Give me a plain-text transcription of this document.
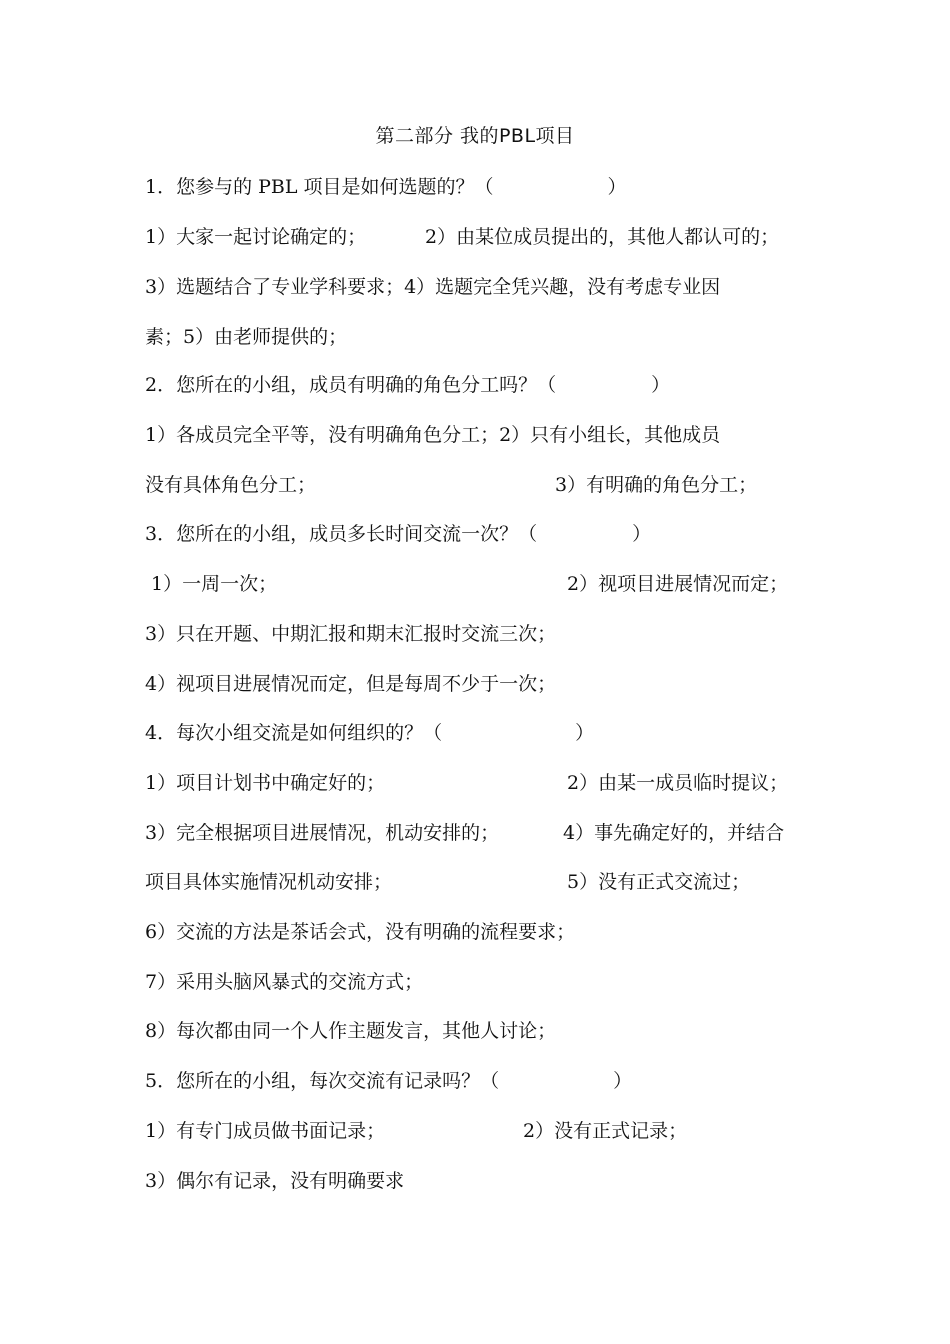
第二部分 我的PBL项目
1．您参与的 PBL 项目是如何选题的？（　　　　　　）
1）大家一起讨论确定的；	2）由某位成员提出的，其他人都认可的；
3）选题结合了专业学科要求；4）选题完全凭兴趣，没有考虑专业因
素；5）由老师提供的；
2．您所在的小组，成员有明确的角色分工吗？（　　　　　）
1）各成员完全平等，没有明确角色分工；2）只有小组长，其他成员
没有具体角色分工；	3）有明确的角色分工；
3．您所在的小组，成员多长时间交流一次？（　　　　　）
1）一周一次；	2）视项目进展情况而定；
3）只在开题、中期汇报和期末汇报时交流三次；
4）视项目进展情况而定，但是每周不少于一次；
4．每次小组交流是如何组织的？（　　　　　　　）
1）项目计划书中确定好的；	2）由某一成员临时提议；
3）完全根据项目进展情况，机动安排的；	4）事先确定好的，并结合
项目具体实施情况机动安排；	5）没有正式交流过；
6）交流的方法是茶话会式，没有明确的流程要求；
7）采用头脑风暴式的交流方式；
8）每次都由同一个人作主题发言，其他人讨论；
5．您所在的小组，每次交流有记录吗？（　　　　　　）
1）有专门成员做书面记录；	2）没有正式记录；
3）偶尔有记录，没有明确要求
